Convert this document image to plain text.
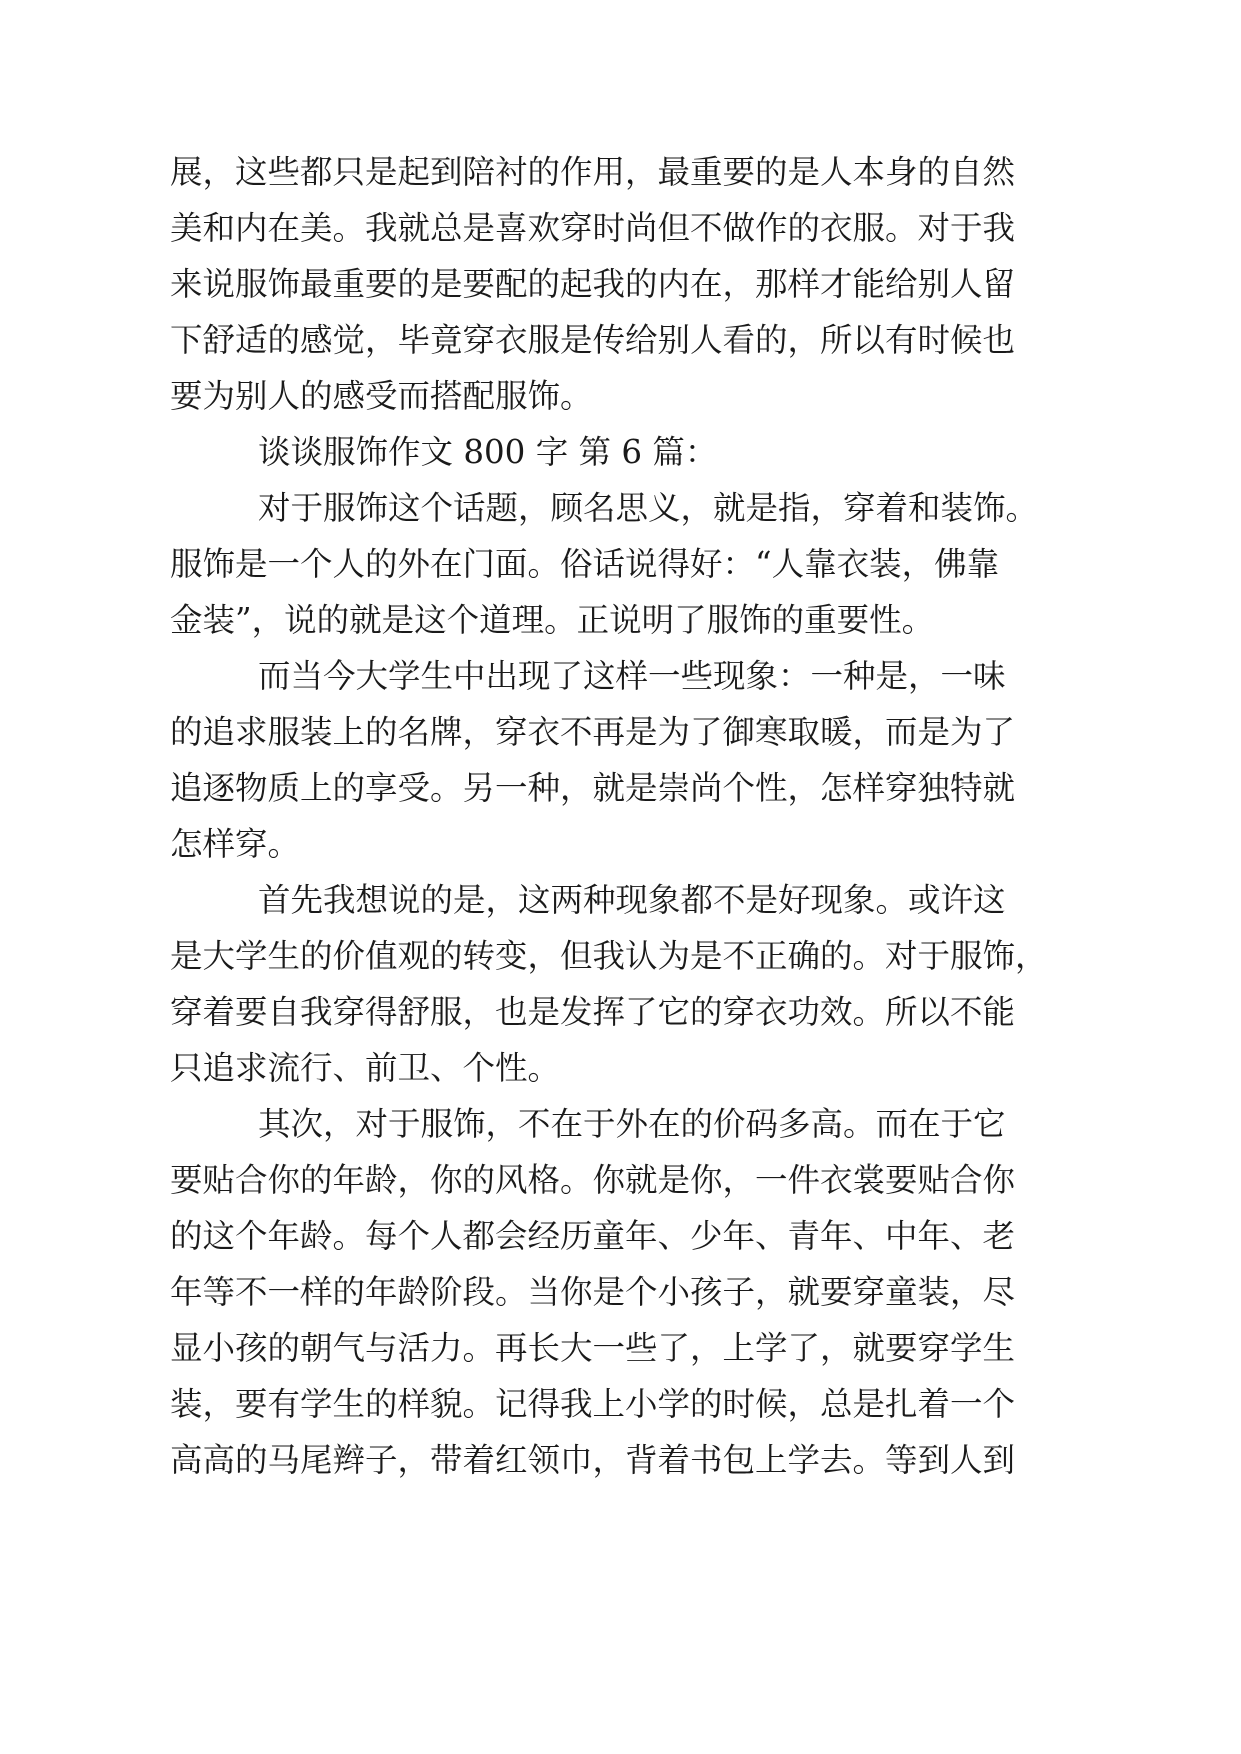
展，这些都只是起到陪衬的作用，最重要的是人本身的自然

美和内在美。我就总是喜欢穿时尚但不做作的衣服。对于我

来说服饰最重要的是要配的起我的内在，那样才能给别人留

下舒适的感觉，毕竟穿衣服是传给别人看的，所以有时候也

要为别人的感受而搭配服饰。

谈谈服饰作文 800 字 第 6 篇：

对于服饰这个话题，顾名思义，就是指，穿着和装饰。

服饰是一个人的外在门面。俗话说得好：“人靠衣装，佛靠

金装”，说的就是这个道理。正说明了服饰的重要性。

而当今大学生中出现了这样一些现象：一种是，一味

的追求服装上的名牌，穿衣不再是为了御寒取暖，而是为了

追逐物质上的享受。另一种，就是崇尚个性，怎样穿独特就

怎样穿。

首先我想说的是，这两种现象都不是好现象。或许这

是大学生的价值观的转变，但我认为是不正确的。对于服饰，

穿着要自我穿得舒服，也是发挥了它的穿衣功效。所以不能

只追求流行、前卫、个性。

其次，对于服饰，不在于外在的价码多高。而在于它

要贴合你的年龄，你的风格。你就是你，一件衣裳要贴合你

的这个年龄。每个人都会经历童年、少年、青年、中年、老

年等不一样的年龄阶段。当你是个小孩子，就要穿童装，尽

显小孩的朝气与活力。再长大一些了，上学了，就要穿学生

装，要有学生的样貌。记得我上小学的时候，总是扎着一个

高高的马尾辫子，带着红领巾，背着书包上学去。等到人到
